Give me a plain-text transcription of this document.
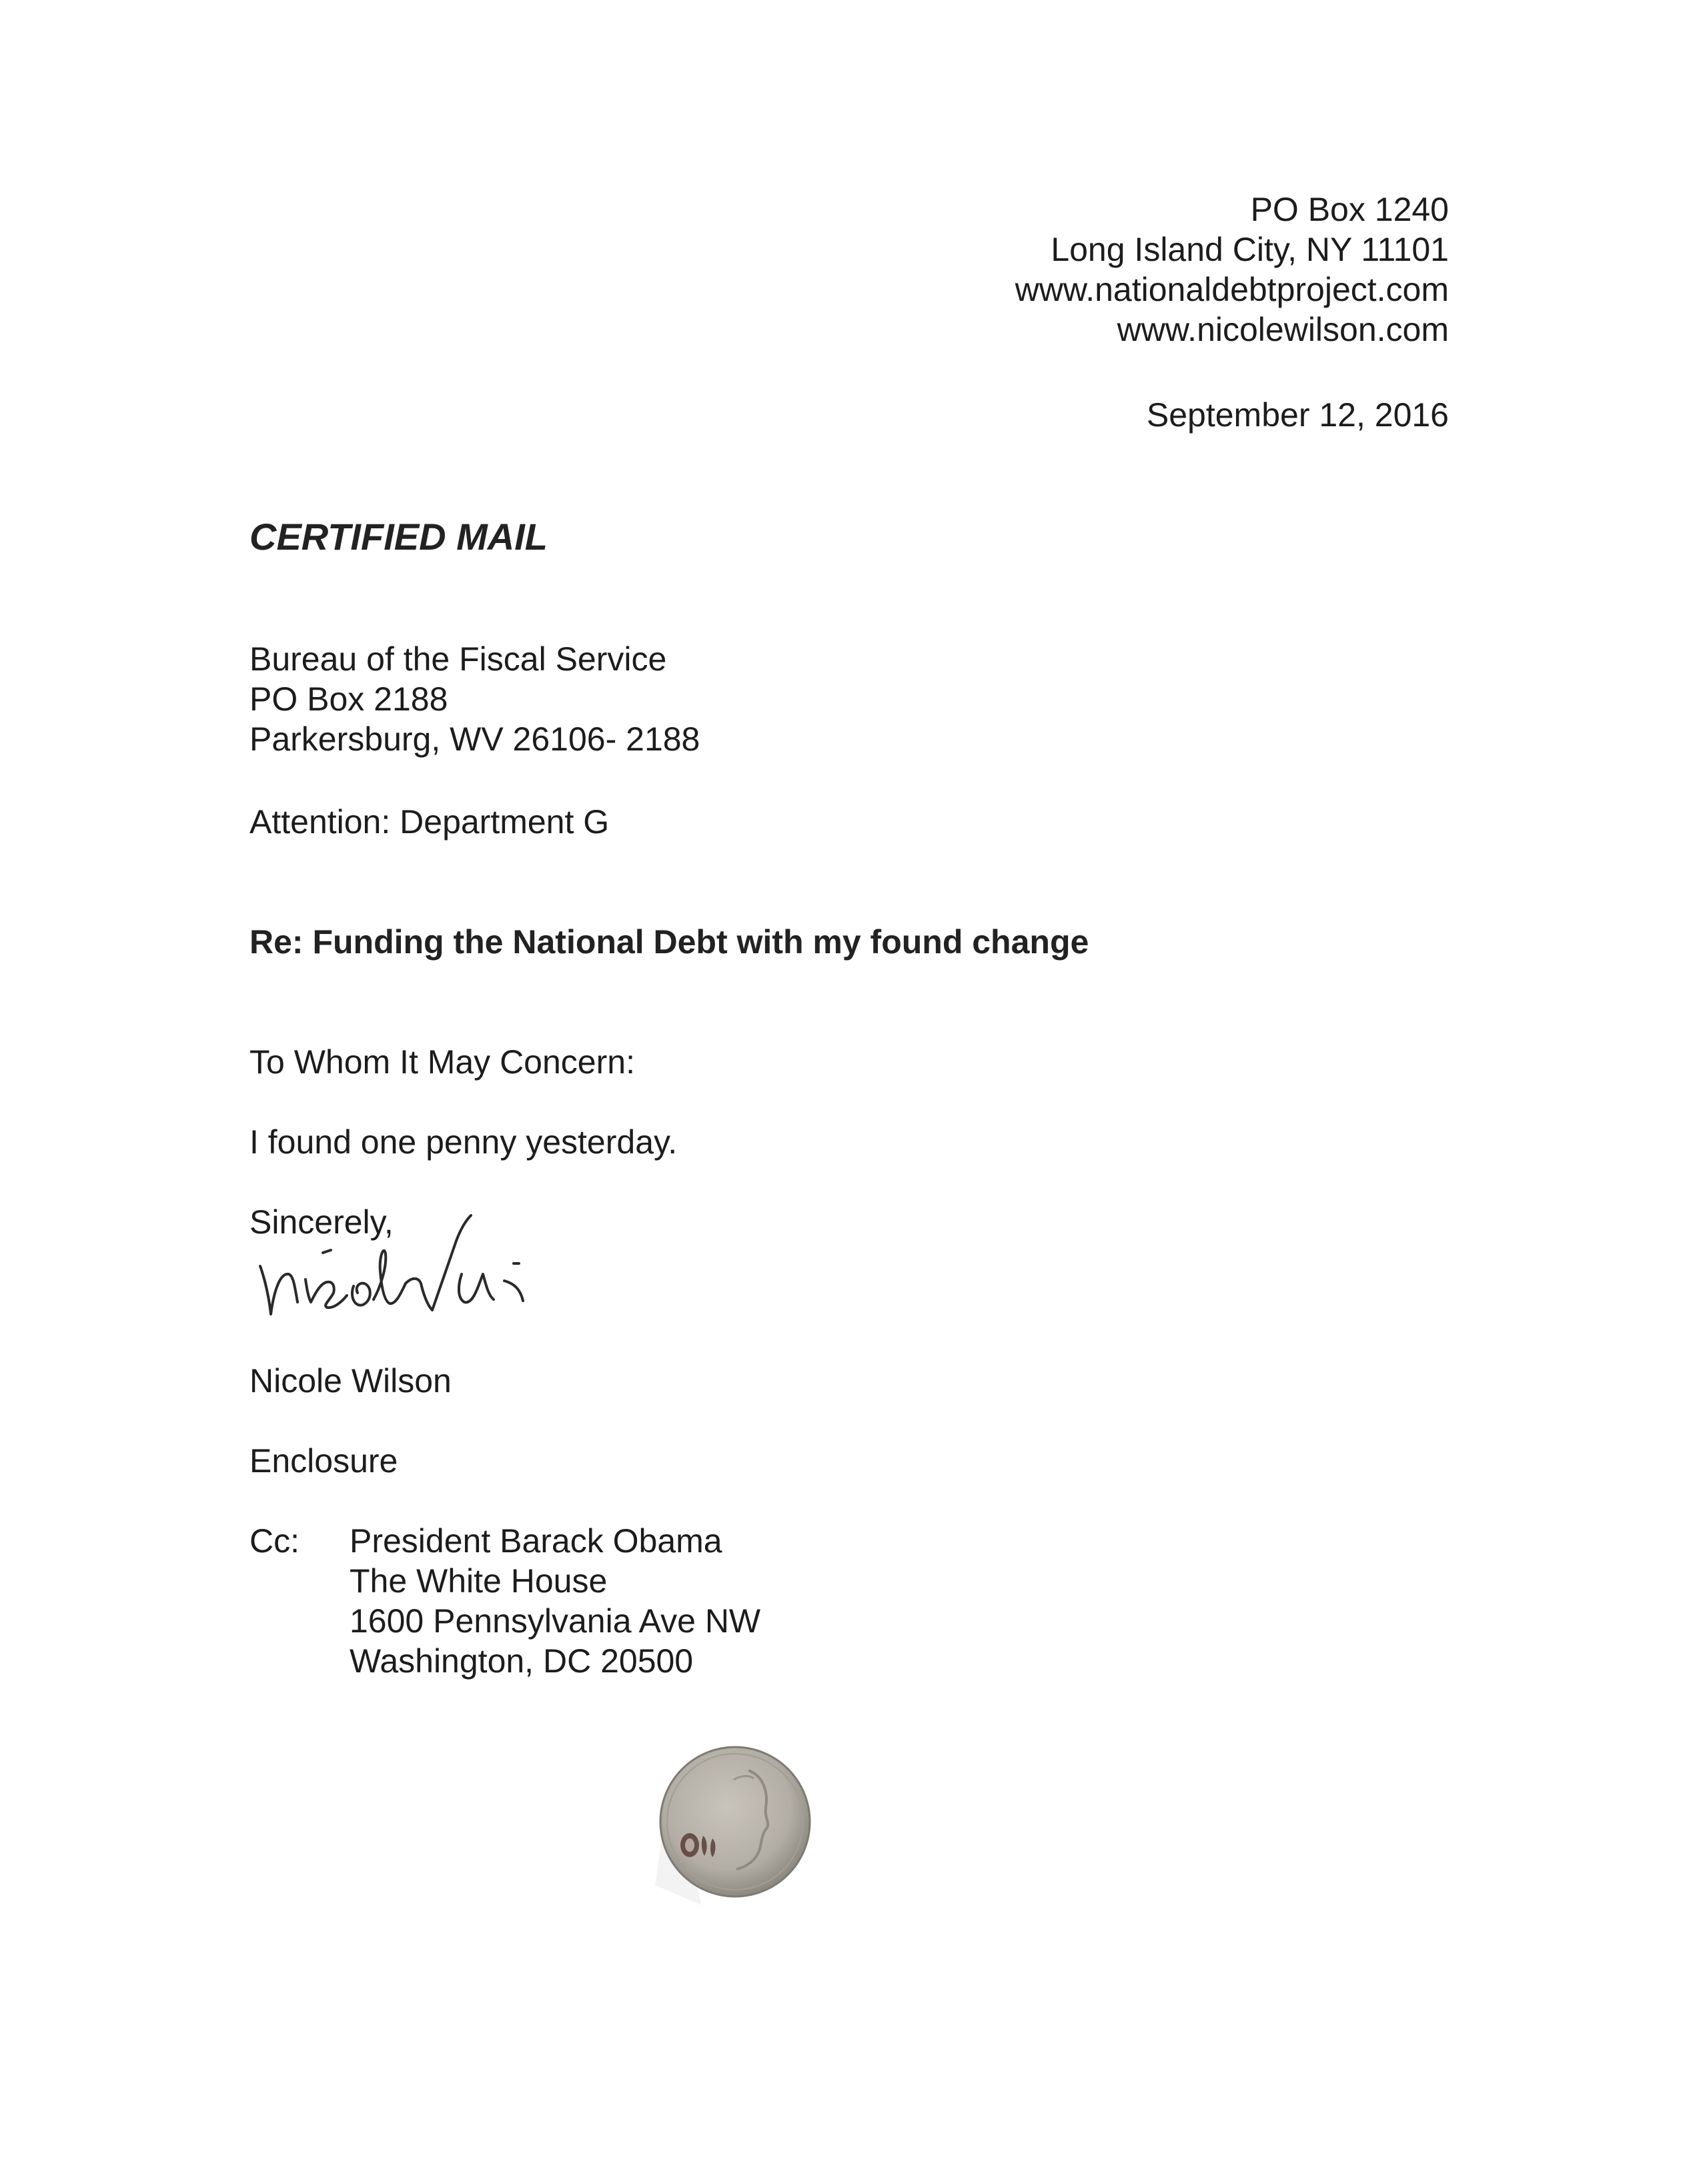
PO Box 1240
Long Island City, NY 11101
www.nationaldebtproject.com
www.nicolewilson.com
September 12, 2016
CERTIFIED MAIL
Bureau of the Fiscal Service
PO Box 2188
Parkersburg, WV 26106- 2188
Attention: Department G
Re: Funding the National Debt with my found change
To Whom It May Concern:
I found one penny yesterday.
Sincerely,
Nicole Wilson
Enclosure
Cc: President Barack Obama
The White House
1600 Pennsylvania Ave NW
Washington, DC 20500
